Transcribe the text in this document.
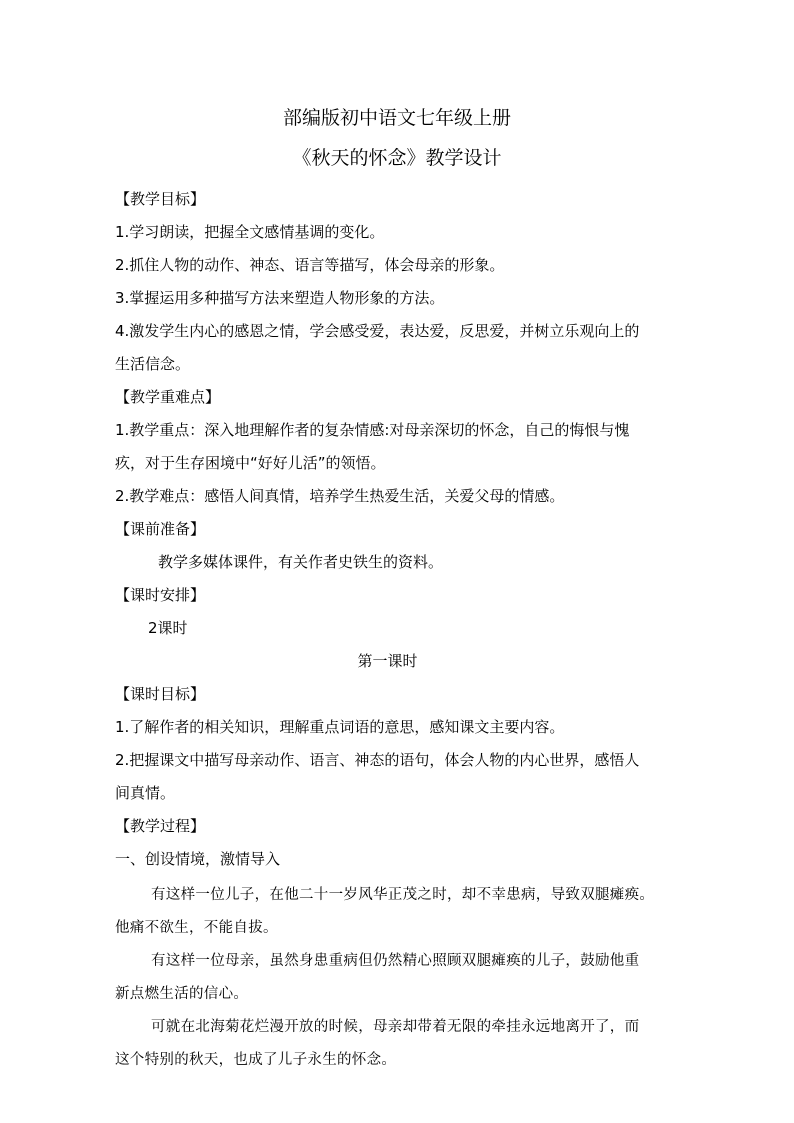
部编版初中语文七年级上册
《秋天的怀念》教学设计
【教学目标】
1.学习朗读，把握全文感情基调的变化。
2.抓住人物的动作、神态、语言等描写，体会母亲的形象。
3.掌握运用多种描写方法来塑造人物形象的方法。
4.激发学生内心的感恩之情，学会感受爱，表达爱，反思爱，并树立乐观向上的
生活信念。
【教学重难点】
1.教学重点：深入地理解作者的复杂情感:对母亲深切的怀念，自己的悔恨与愧
疚，对于生存困境中“好好儿活”的领悟。
2.教学难点：感悟人间真情，培养学生热爱生活，关爱父母的情感。
【课前准备】
教学多媒体课件，有关作者史铁生的资料。
【课时安排】
2课时
第一课时
【课时目标】
1.了解作者的相关知识，理解重点词语的意思，感知课文主要内容。
2.把握课文中描写母亲动作、语言、神态的语句，体会人物的内心世界，感悟人
间真情。
【教学过程】
一、创设情境，激情导入
有这样一位儿子，在他二十一岁风华正茂之时，却不幸患病，导致双腿瘫痪。
他痛不欲生，不能自拔。
有这样一位母亲，虽然身患重病但仍然精心照顾双腿瘫痪的儿子，鼓励他重
新点燃生活的信心。
可就在北海菊花烂漫开放的时候，母亲却带着无限的牵挂永远地离开了，而
这个特别的秋天，也成了儿子永生的怀念。
